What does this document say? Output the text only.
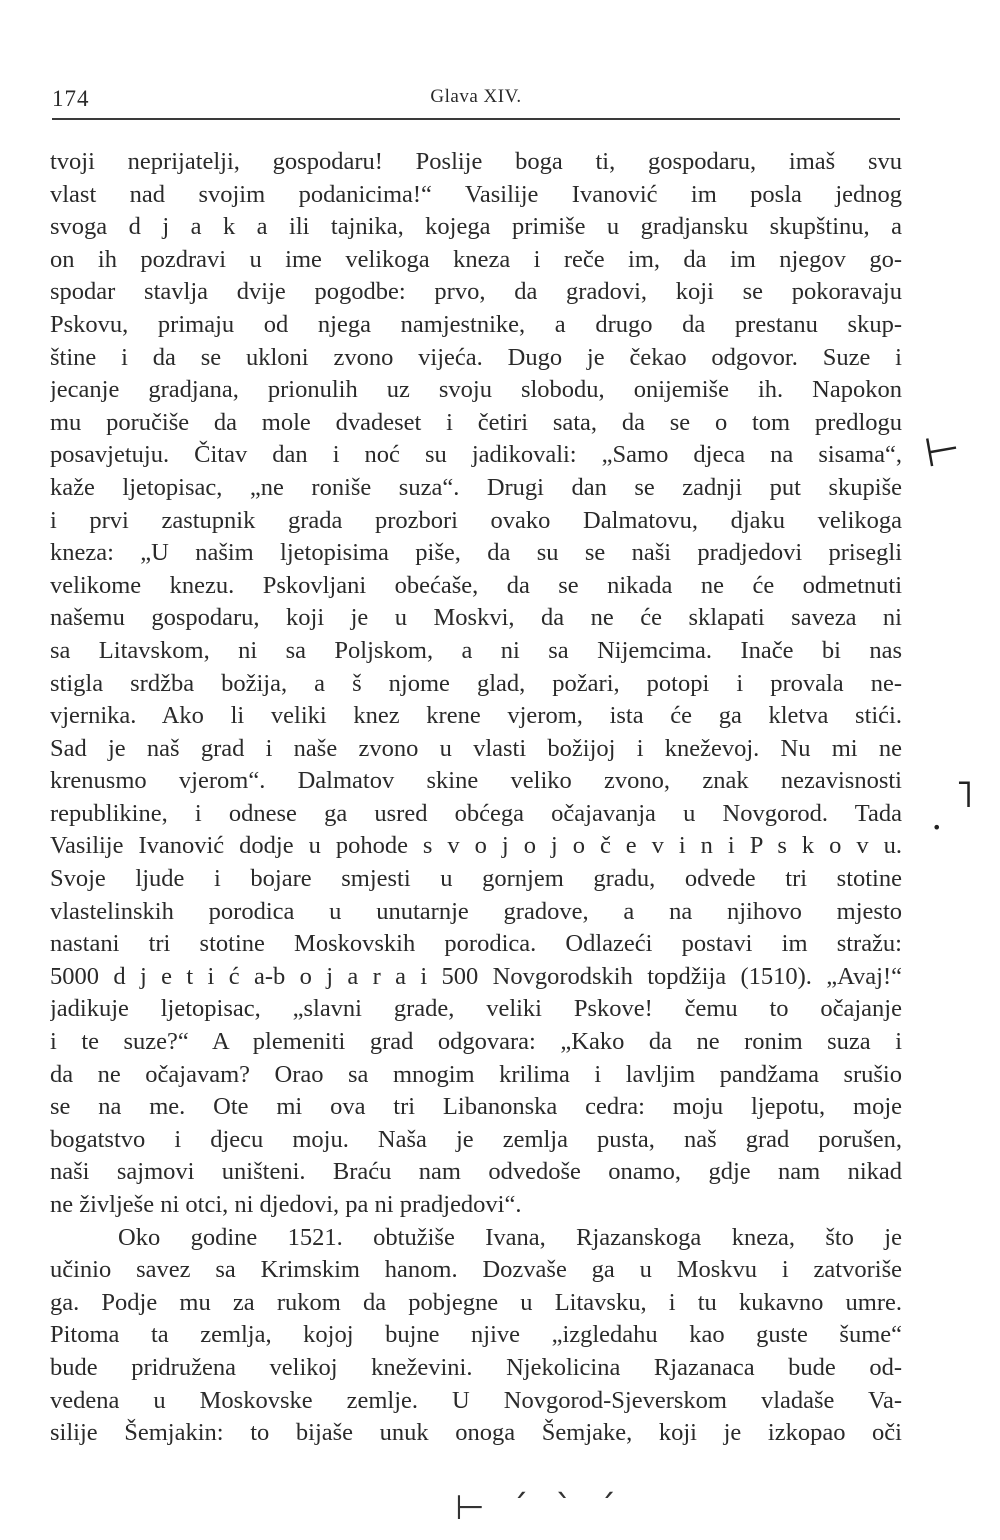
174	Glava XIV.
tvoji neprijatelji, gospodaru! Poslije boga ti, gospodaru, imaš svu
vlast nad svojim podanicima!“ Vasilije Ivanović im posla jednog
svoga d j a k a ili tajnika, kojega primiše u gradjansku skupštinu, a
on ih pozdravi u ime velikoga kneza i reče im, da im njegov go-
spodar stavlja dvije pogodbe: prvo, da gradovi, koji se pokoravaju
Pskovu, primaju od njega namjestnike, a drugo da prestanu skup-
štine i da se ukloni zvono vijeća. Dugo je čekao odgovor. Suze i
jecanje gradjana, prionulih uz svoju slobodu, onijemiše ih. Napokon
mu poručiše da mole dvadeset i četiri sata, da se o tom predlogu
posavjetuju. Čitav dan i noć su jadikovali: „Samo djeca na sisama“,
kaže ljetopisac, „ne roniše suza“. Drugi dan se zadnji put skupiše
i prvi zastupnik grada prozbori ovako Dalmatovu, djaku velikoga
kneza: „U našim ljetopisima piše, da su se naši pradjedovi prisegli
velikome knezu. Pskovljani obećaše, da se nikada ne će odmetnuti
našemu gospodaru, koji je u Moskvi, da ne će sklapati saveza ni
sa Litavskom, ni sa Poljskom, a ni sa Nijemcima. Inače bi nas
stigla srdžba božija, a š njome glad, požari, potopi i provala ne-
vjernika. Ako li veliki knez krene vjerom, ista će ga kletva stići.
Sad je naš grad i naše zvono u vlasti božijoj i kneževoj. Nu mi ne
krenusmo vjerom“. Dalmatov skine veliko zvono, znak nezavisnosti
republikine, i odnese ga usred obćega očajavanja u Novgorod. Tada
Vasilije Ivanović dodje u pohode s v o j o j o č e v i n i P s k o v u.
Svoje ljude i bojare smjesti u gornjem gradu, odvede tri stotine
vlastelinskih porodica u unutarnje gradove, a na njihovo mjesto
nastani tri stotine Moskovskih porodica. Odlazeći postavi im stražu:
5000 d j e t i ć a-b o j a r a i 500 Novgorodskih topdžija (1510). „Avaj!“
jadikuje ljetopisac, „slavni grade, veliki Pskove! čemu to očajanje
i te suze?“ A plemeniti grad odgovara: „Kako da ne ronim suza i
da ne očajavam? Orao sa mnogim krilima i lavljim pandžama srušio
se na me. Ote mi ova tri Libanonska cedra: moju ljepotu, moje
bogatstvo i djecu moju. Naša je zemlja pusta, naš grad porušen,
naši sajmovi uništeni. Braću nam odvedoše onamo, gdje nam nikad
ne življeše ni otci, ni djedovi, pa ni pradjedovi“.
Oko godine 1521. obtužiše Ivana, Rjazanskoga kneza, što je
učinio savez sa Krimskim hanom. Dozvaše ga u Moskvu i zatvoriše
ga. Podje mu za rukom da pobjegne u Litavsku, i tu kukavno umre.
Pitoma ta zemlja, kojoj bujne njive „izgledahu kao guste šume“
bude pridružena velikoj kneževini. Njekolicina Rjazanaca bude od-
vedena u Moskovske zemlje. U Novgorod-Sjeverskom vladaše Va-
silije Šemjakin: to bijaše unuk onoga Šemjake, koji je izkopao oči
⊢
˥
•
⊢ ˊ ˋ ˊ
